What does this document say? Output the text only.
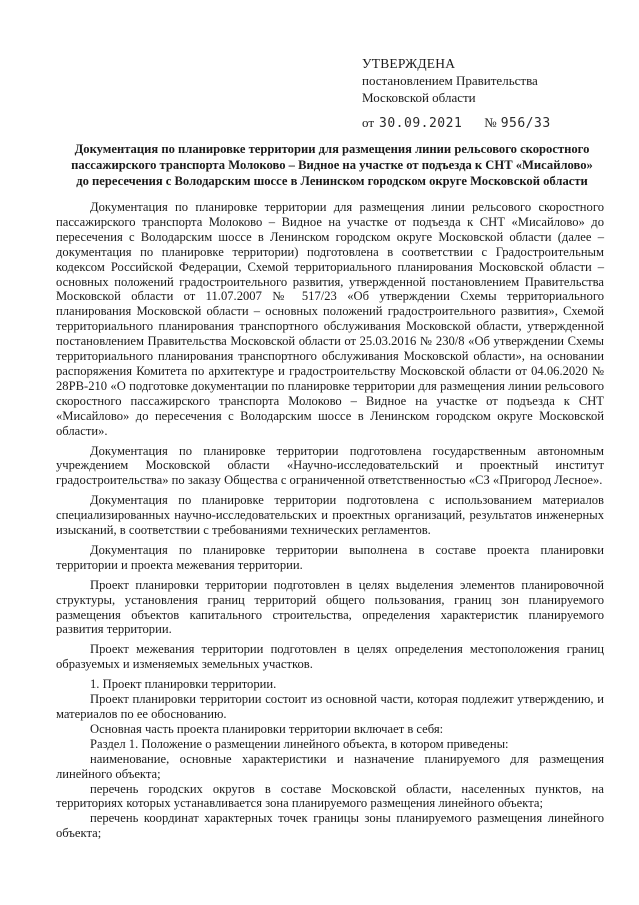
УТВЕРЖДЕНА
постановлением Правительства
Московской области
от 30.09.2021 № 956/33
Документация по планировке территории для размещения линии рельсового скоростного
пассажирского транспорта Молоково – Видное на участке от подъезда к СНТ «Мисайлово»
до пересечения с Володарским шоссе в Ленинском городском округе Московской области

Документация по планировке территории для размещения линии рельсового скоростного пассажирского транспорта Молоково – Видное на участке от подъезда к СНТ «Мисайлово» до пересечения с Володарским шоссе в Ленинском городском округе Московской области (далее – документация по планировке территории) подготовлена в соответствии с Градостроительным кодексом Российской Федерации, Схемой территориального планирования Московской области – основных положений градостроительного развития, утвержденной постановлением Правительства Московской области от 11.07.2007 № 517/23 «Об утверждении Схемы территориального планирования Московской области – основных положений градостроительного развития», Схемой территориального планирования транспортного обслуживания Московской области, утвержденной постановлением Правительства Московской области от 25.03.2016 № 230/8 «Об утверждении Схемы территориального планирования транспортного обслуживания Московской области», на основании распоряжения Комитета по архитектуре и градостроительству Московской области от 04.06.2020 № 28РВ-210 «О подготовке документации по планировке территории для размещения линии рельсового скоростного пассажирского транспорта Молоково – Видное на участке от подъезда к СНТ «Мисайлово» до пересечения с Володарским шоссе в Ленинском городском округе Московской области».

Документация по планировке территории подготовлена государственным автономным учреждением Московской области «Научно-исследовательский и проектный институт градостроительства» по заказу Общества с ограниченной ответственностью «СЗ «Пригород Лесное».

Документация по планировке территории подготовлена с использованием материалов специализированных научно-исследовательских и проектных организаций, результатов инженерных изысканий, в соответствии с требованиями технических регламентов.

Документация по планировке территории выполнена в составе проекта планировки территории и проекта межевания территории.

Проект планировки территории подготовлен в целях выделения элементов планировочной структуры, установления границ территорий общего пользования, границ зон планируемого размещения объектов капитального строительства, определения характеристик планируемого развития территории.

Проект межевания территории подготовлен в целях определения местоположения границ образуемых и изменяемых земельных участков.

1. Проект планировки территории.

Проект планировки территории состоит из основной части, которая подлежит утверждению, и материалов по ее обоснованию.

Основная часть проекта планировки территории включает в себя:

Раздел 1. Положение о размещении линейного объекта, в котором приведены:

наименование, основные характеристики и назначение планируемого для размещения линейного объекта;

перечень городских округов в составе Московской области, населенных пунктов, на территориях которых устанавливается зона планируемого размещения линейного объекта;

перечень координат характерных точек границы зоны планируемого размещения линейного объекта;
